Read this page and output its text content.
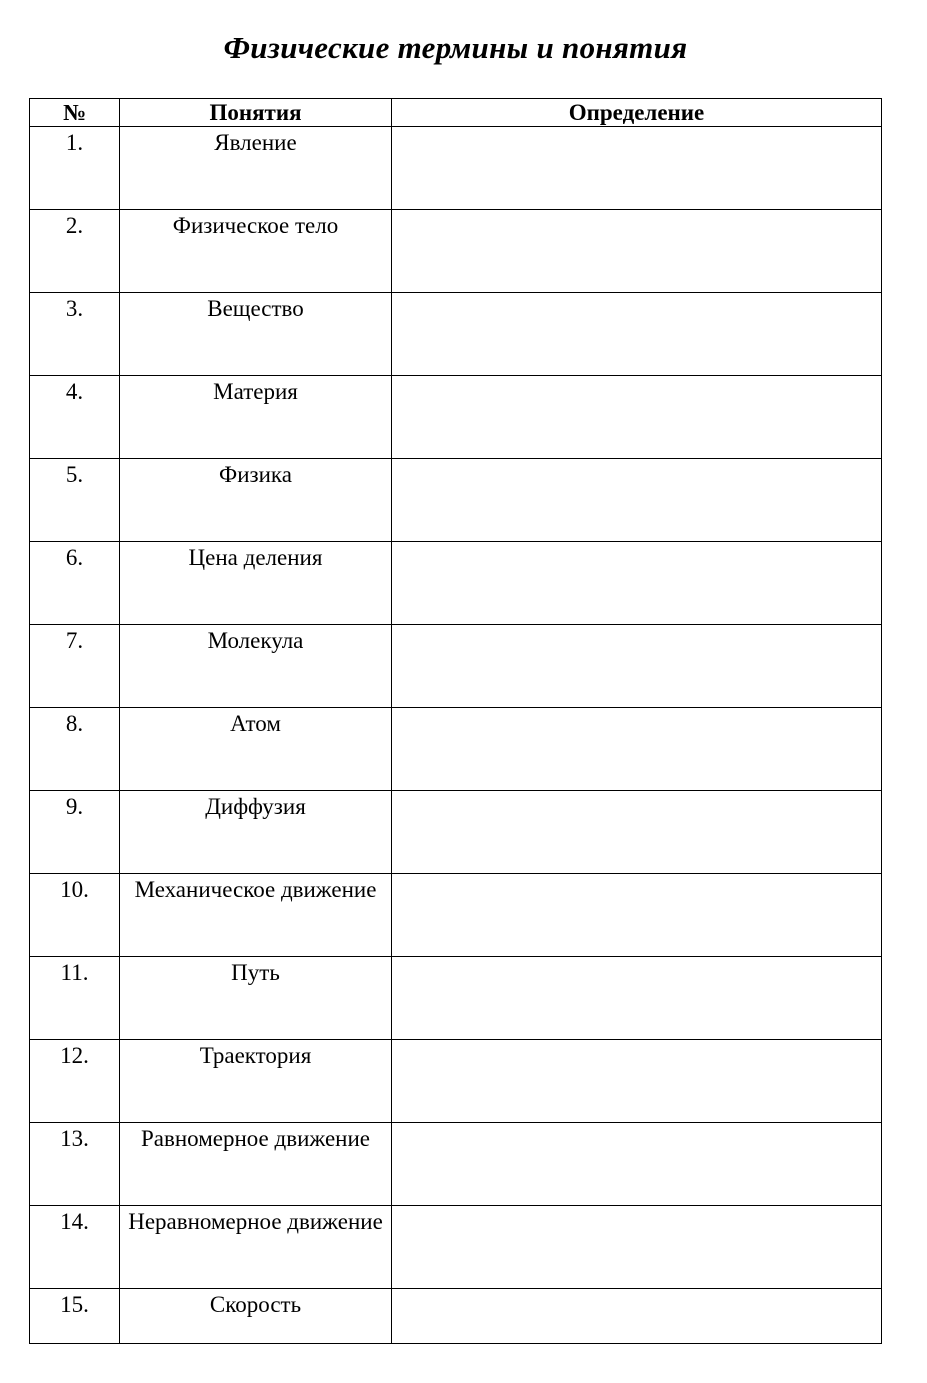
Физические термины и понятия
№	Понятия	Определение
1.	Явление	
2.	Физическое тело	
3.	Вещество	
4.	Материя	
5.	Физика	
6.	Цена деления	
7.	Молекула	
8.	Атом	
9.	Диффузия	
10.	Механическое движение	
11.	Путь	
12.	Траектория	
13.	Равномерное движение	
14.	Неравномерное движение	
15.	Скорость	
